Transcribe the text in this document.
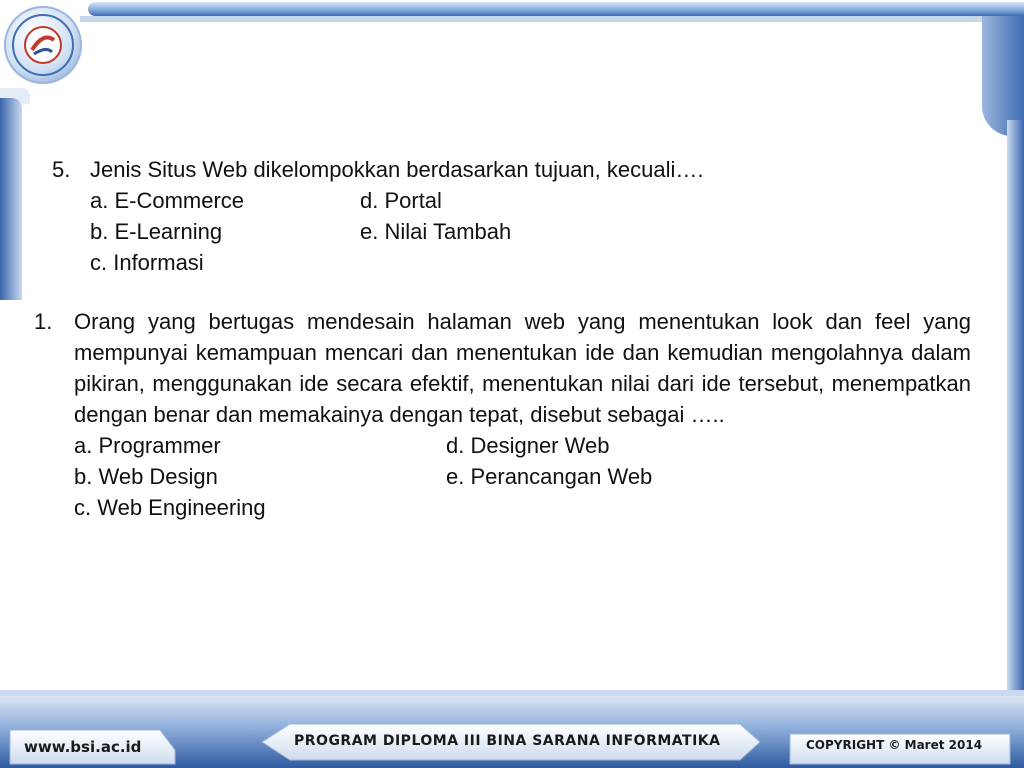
5. Jenis Situs Web dikelompokkan berdasarkan tujuan, kecuali….
a. E-Commerce	d. Portal
b. E-Learning	e. Nilai Tambah
c. Informasi
1. Orang yang bertugas mendesain halaman web yang menentukan look dan feel yang mempunyai kemampuan mencari dan menentukan ide dan kemudian mengolahnya dalam pikiran, menggunakan ide secara efektif, menentukan nilai dari ide tersebut, menempatkan dengan benar dan memakainya dengan tepat, disebut sebagai …..
a. Programmer	d. Designer Web
b. Web Design	e. Perancangan Web
c. Web Engineering
www.bsi.ac.id	PROGRAM DIPLOMA III BINA SARANA INFORMATIKA	COPYRIGHT © Maret 2014
